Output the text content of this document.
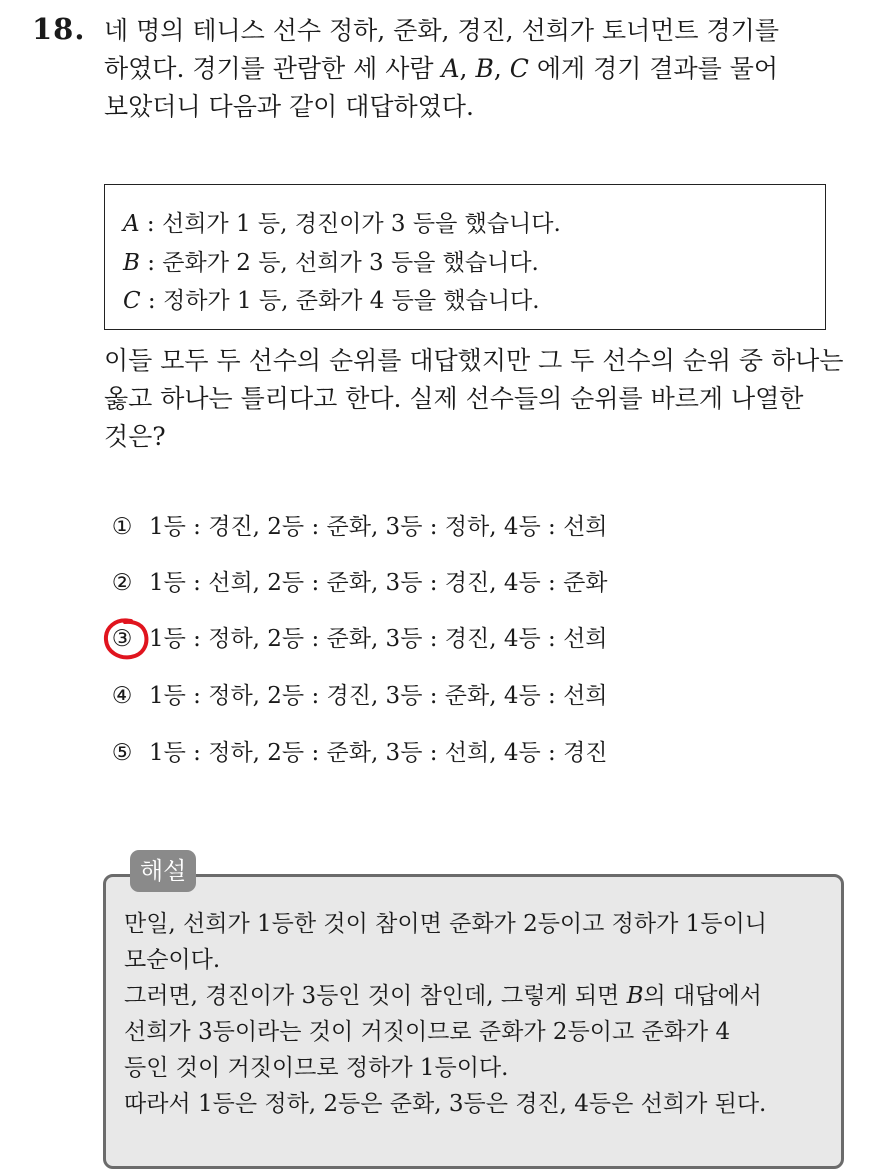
18. 네 명의 테니스 선수 정하, 준화, 경진, 선희가 토너먼트 경기를
하였다. 경기를 관람한 세 사람 A, B, C 에게 경기 결과를 물어
보았더니 다음과 같이 대답하였다.
A : 선희가 1 등, 경진이가 3 등을 했습니다.
B : 준화가 2 등, 선희가 3 등을 했습니다.
C : 정하가 1 등, 준화가 4 등을 했습니다.
이들 모두 두 선수의 순위를 대답했지만 그 두 선수의 순위 중 하나는
옳고 하나는 틀리다고 한다. 실제 선수들의 순위를 바르게 나열한
것은?
① 1등 : 경진, 2등 : 준화, 3등 : 정하, 4등 : 선희
② 1등 : 선희, 2등 : 준화, 3등 : 경진, 4등 : 준화
③ 1등 : 정하, 2등 : 준화, 3등 : 경진, 4등 : 선희
④ 1등 : 정하, 2등 : 경진, 3등 : 준화, 4등 : 선희
⑤ 1등 : 정하, 2등 : 준화, 3등 : 선희, 4등 : 경진
해설
만일, 선희가 1등한 것이 참이면 준화가 2등이고 정하가 1등이니
모순이다.
그러면, 경진이가 3등인 것이 참인데, 그렇게 되면 B의 대답에서
선희가 3등이라는 것이 거짓이므로 준화가 2등이고 준화가 4
등인 것이 거짓이므로 정하가 1등이다.
따라서 1등은 정하, 2등은 준화, 3등은 경진, 4등은 선희가 된다.
